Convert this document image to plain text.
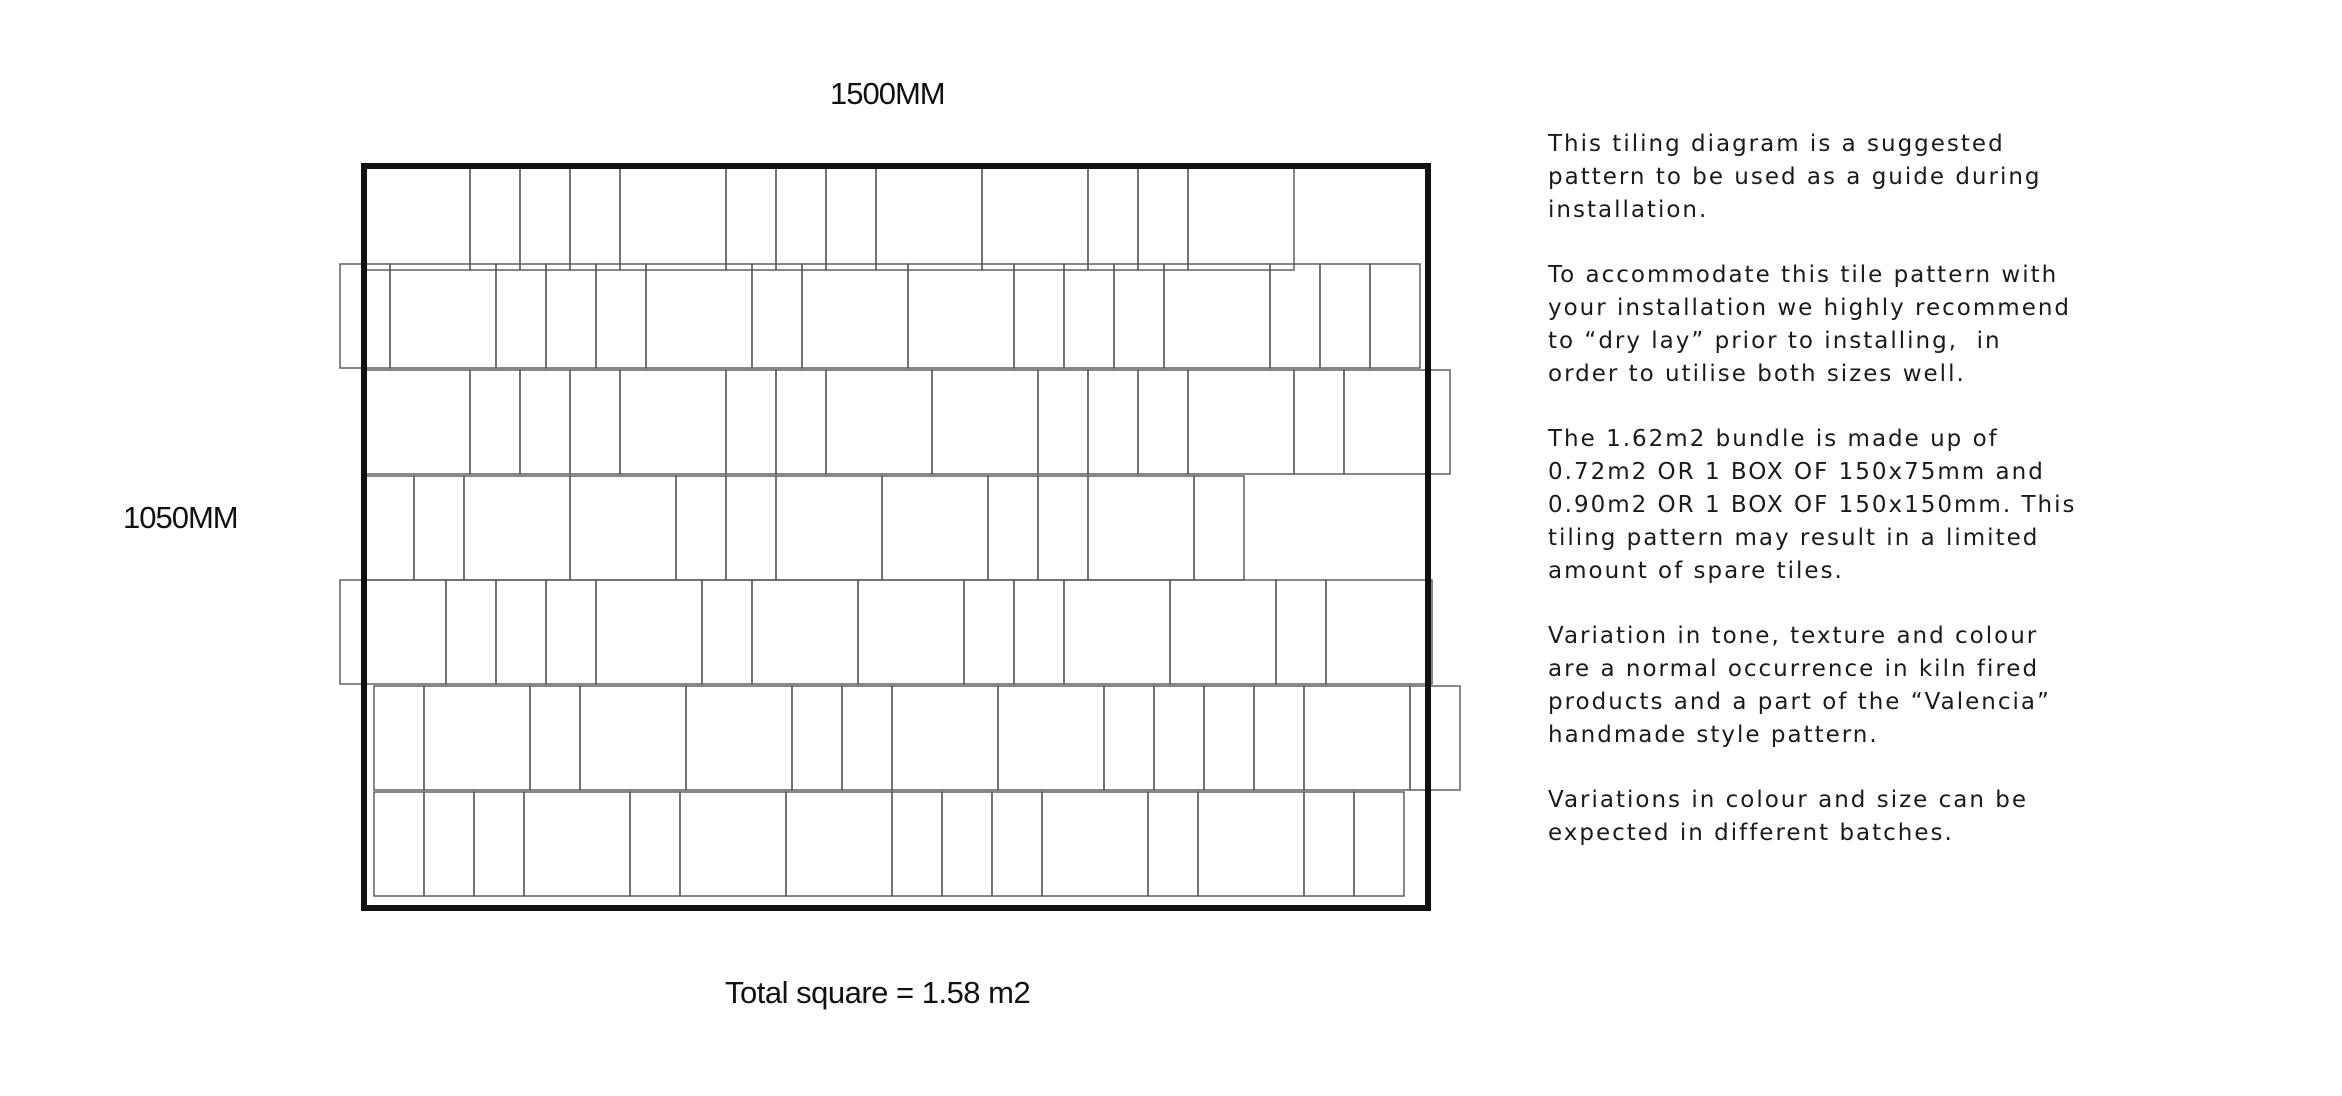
1500MM
1050MM
Total square = 1.58 m2
This tiling diagram is a suggested
pattern to be used as a guide during
installation.
To accommodate this tile pattern with
your installation we highly recommend
to “dry lay” prior to installing,  in
order to utilise both sizes well.
The 1.62m2 bundle is made up of
0.72m2 OR 1 BOX OF 150x75mm and
0.90m2 OR 1 BOX OF 150x150mm. This
tiling pattern may result in a limited
amount of spare tiles.
Variation in tone, texture and colour
are a normal occurrence in kiln fired
products and a part of the “Valencia”
handmade style pattern.
Variations in colour and size can be
expected in different batches.
